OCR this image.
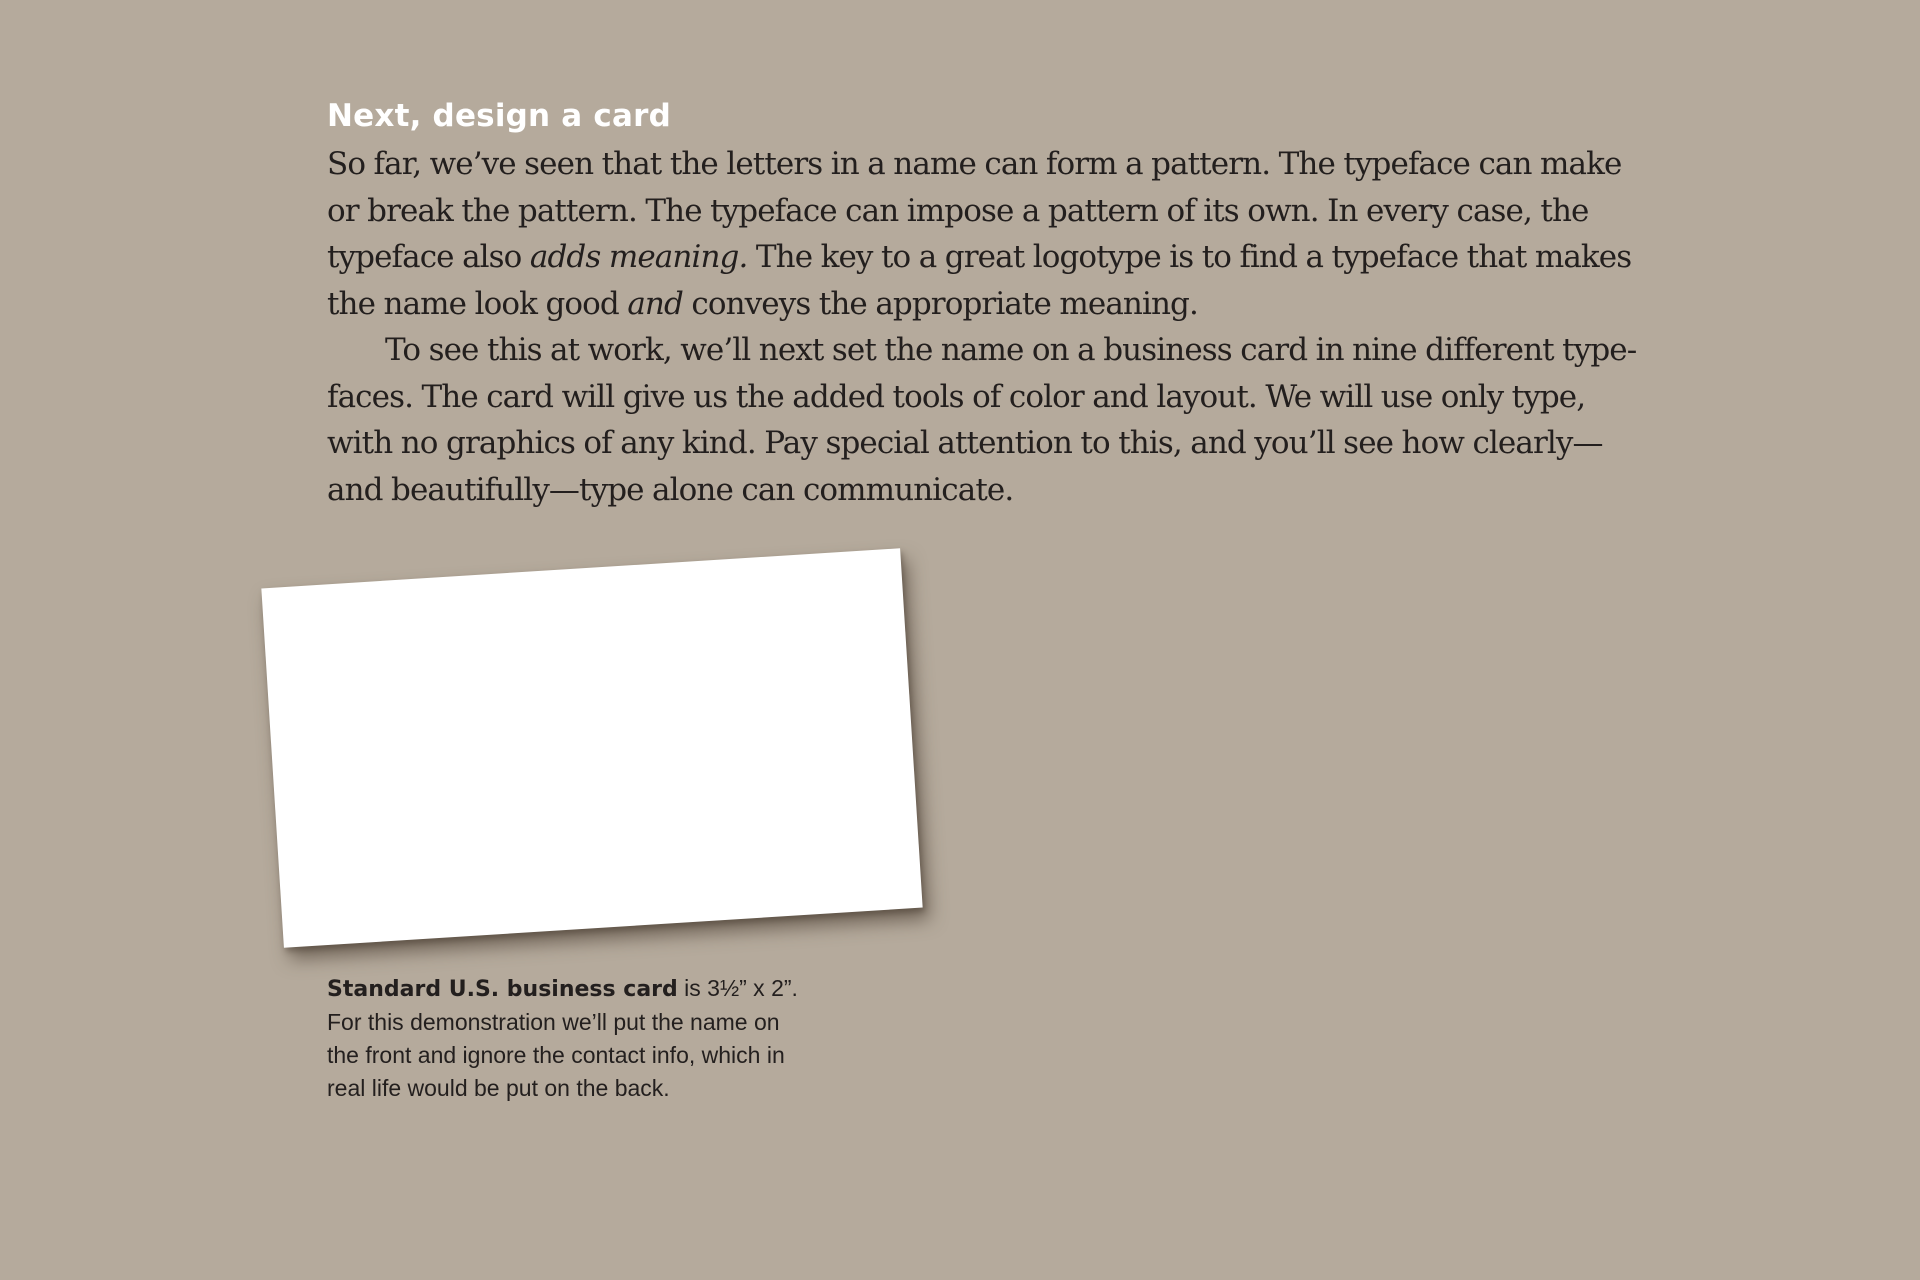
Next, design a card
So far, we’ve seen that the letters in a name can form a pattern. The typeface can make
or break the pattern. The typeface can impose a pattern of its own. In every case, the
typeface also adds meaning. The key to a great logotype is to find a typeface that makes
the name look good and conveys the appropriate meaning.
To see this at work, we’ll next set the name on a business card in nine different type-
faces. The card will give us the added tools of color and layout. We will use only type,
with no graphics of any kind. Pay special attention to this, and you’ll see how clearly—
and beautifully—type alone can communicate.
Standard U.S. business card is 3½” x 2”.
For this demonstration we’ll put the name on
the front and ignore the contact info, which in
real life would be put on the back.
